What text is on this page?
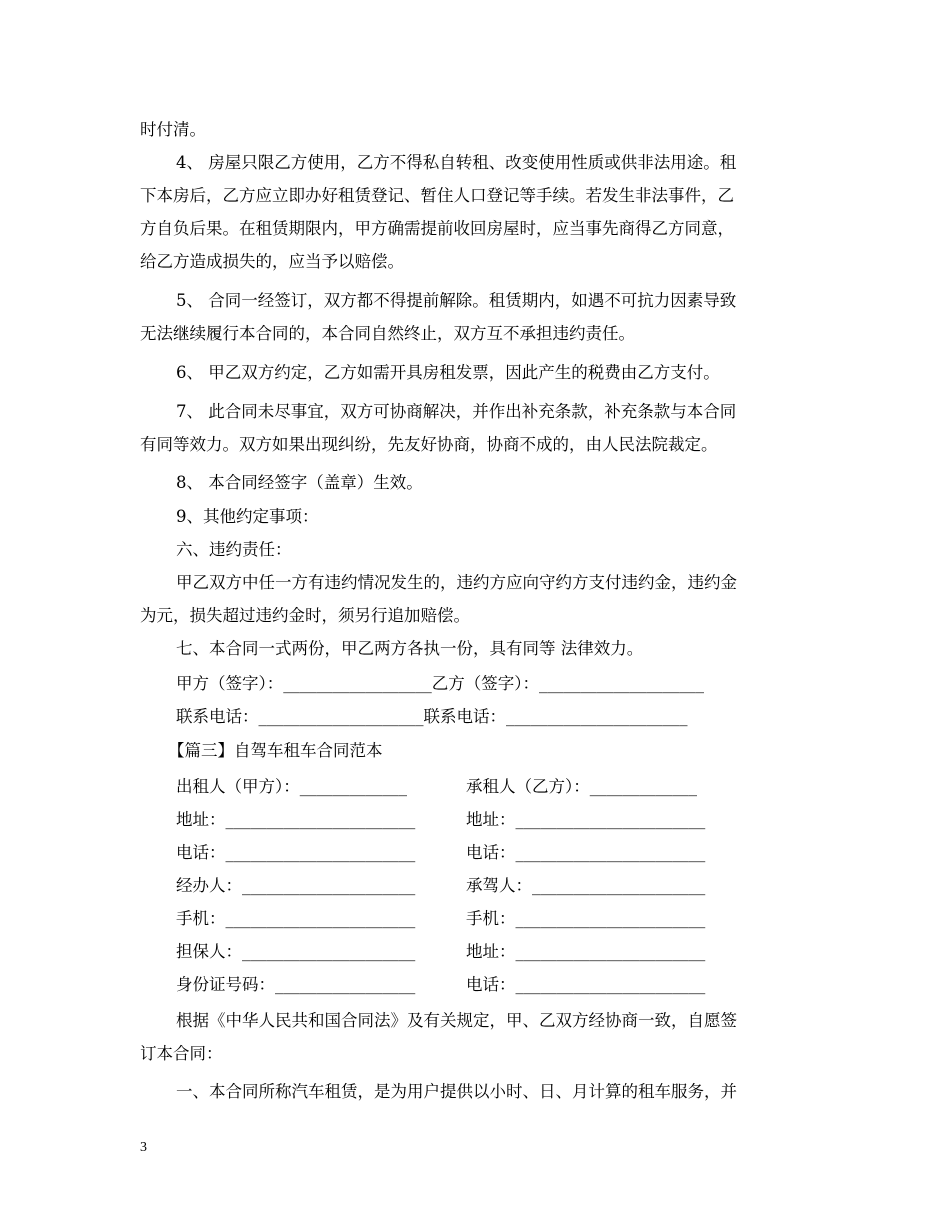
时付清。
4、 房屋只限乙方使用，乙方不得私自转租、改变使用性质或供非法用途。租
下本房后，乙方应立即办好租赁登记、暂住人口登记等手续。若发生非法事件，乙
方自负后果。在租赁期限内，甲方确需提前收回房屋时，应当事先商得乙方同意，
给乙方造成损失的，应当予以赔偿。
5、 合同一经签订，双方都不得提前解除。租赁期内，如遇不可抗力因素导致
无法继续履行本合同的，本合同自然终止，双方互不承担违约责任。
6、 甲乙双方约定，乙方如需开具房租发票，因此产生的税费由乙方支付。
7、 此合同未尽事宜，双方可协商解决，并作出补充条款，补充条款与本合同
有同等效力。双方如果出现纠纷，先友好协商，协商不成的，由人民法院裁定。
8、 本合同经签字（盖章）生效。
9、其他约定事项：
六、违约责任：
甲乙双方中任一方有违约情况发生的，违约方应向守约方支付违约金，违约金
为元，损失超过违约金时，须另行追加赔偿。
七、本合同一式两份，甲乙两方各执一份，具有同等 法律效力。
甲方（签字）：__________________乙方（签字）：____________________
联系电话：____________________联系电话：______________________
【篇三】自驾车租车合同范本
出租人（甲方）：_____________	承租人（乙方）：_____________
地址：_______________________	地址：_______________________
电话：_______________________	电话：_______________________
经办人：_____________________	承驾人：_____________________
手机：_______________________	手机：_______________________
担保人：_____________________	地址：_______________________
身份证号码：_________________	电话：_______________________
根据《中华人民共和国合同法》及有关规定，甲、乙双方经协商一致，自愿签
订本合同：
一、本合同所称汽车租赁，是为用户提供以小时、日、月计算的租车服务，并
3
